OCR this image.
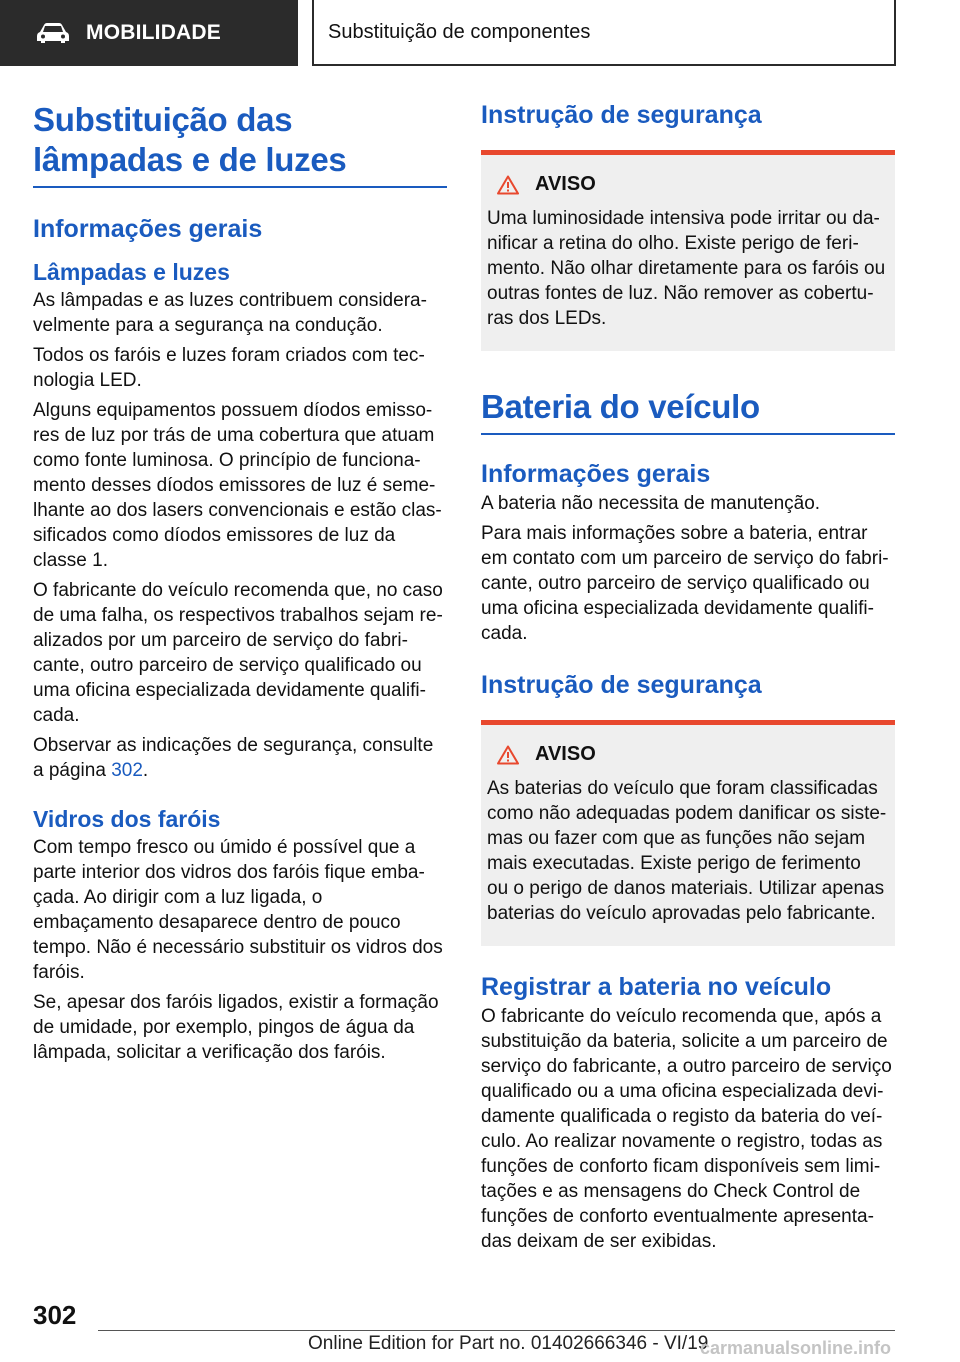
MOBILIDADE	Substituição de componentes
Substituição das lâmpadas e de luzes
Informações gerais
Lâmpadas e luzes

As lâmpadas e as luzes contribuem consideravelmente para a segurança na condução.

Todos os faróis e luzes foram criados com tecnologia LED.

Alguns equipamentos possuem díodos emissores de luz por trás de uma cobertura que atuam como fonte luminosa. O princípio de funcionamento desses díodos emissores de luz é semelhante ao dos lasers convencionais e estão classificados como díodos emissores de luz da classe 1.

O fabricante do veículo recomenda que, no caso de uma falha, os respectivos trabalhos sejam realizados por um parceiro de serviço do fabricante, outro parceiro de serviço qualificado ou uma oficina especializada devidamente qualificada.

Observar as indicações de segurança, consulte a página 302.

Vidros dos faróis

Com tempo fresco ou úmido é possível que a parte interior dos vidros dos faróis fique embaçada. Ao dirigir com a luz ligada, o embaçamento desaparece dentro de pouco tempo. Não é necessário substituir os vidros dos faróis.

Se, apesar dos faróis ligados, existir a formação de umidade, por exemplo, pingos de água da lâmpada, solicitar a verificação dos faróis.

Instrução de segurança
AVISO

Uma luminosidade intensiva pode irritar ou danificar a retina do olho. Existe perigo de ferimento. Não olhar diretamente para os faróis ou outras fontes de luz. Não remover as coberturas dos LEDs.

Bateria do veículo
Informações gerais

A bateria não necessita de manutenção.

Para mais informações sobre a bateria, entrar em contato com um parceiro de serviço do fabricante, outro parceiro de serviço qualificado ou uma oficina especializada devidamente qualificada.

Instrução de segurança
AVISO

As baterias do veículo que foram classificadas como não adequadas podem danificar os sistemas ou fazer com que as funções não sejam mais executadas. Existe perigo de ferimento ou o perigo de danos materiais. Utilizar apenas baterias do veículo aprovadas pelo fabricante.

Registrar a bateria no veículo

O fabricante do veículo recomenda que, após a substituição da bateria, solicite a um parceiro de serviço do fabricante, a outro parceiro de serviço qualificado ou a uma oficina especializada devidamente qualificada o registo da bateria do veículo. Ao realizar novamente o registro, todas as funções de conforto ficam disponíveis sem limitações e as mensagens do Check Control de funções de conforto eventualmente apresentadas deixam de ser exibidas.

302
Online Edition for Part no. 01402666346 - VI/19
carmanualsonline.info
